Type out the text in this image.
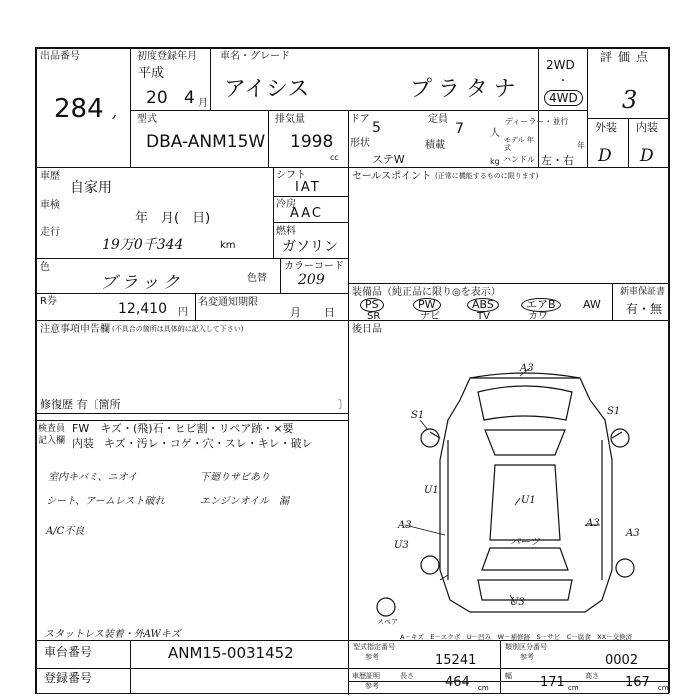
出品番号
284 ,
初度登録年月
平成
20 4 月
車名・グレード
アイシス	プラタナ
2WD
・
4WD
評価点
3
外装 内装
D D
型式
DBA-ANM15W
排気量
1998
cc
ドア
5
定員
7	人
ディーラー・並行
形状
ステW
積載
kg
モデル 年式	年
ハンドル 左・右
車歴
自家用
シフト
IAT
車検
年　月(　日)
冷房
AAC
走行
19万0千344	km
燃料
ガソリン
色
ブラック	色替
カラーコード
209
R券	12,410 円
名変通知期限
月　日
セールスポイント (正常に機能するものに限ります)
装備品（純正品に限り◎を表示）
PS	PW	ABS	エアB	AW
SR	ナビ	TV	カワ
新車保証書
有・無
後日品
注意事項申告欄 (不具合の箇所は具体的に記入して下さい)
修復歴 有〔箇所	〕
検査員
記入欄
FW　キズ・(飛)石・ヒビ割・リペア跡・×要
内装 キズ・汚レ・コゲ・穴・スレ・キレ・破レ
室内キバミ、ニオイ
シート、アームレスト破れ
A/C不良
下廻りサビあり
エンジンオイル　漏
スタットレス装着・外AWキズ
A3
S1
U1
U1
U3
U3
A3
A3
A3
S1
パーツ
スペア
A－キズ　E－エクボ　U－凹み　W－補修跡　S－サビ　C－腐食　XX－交換済
車台番号	ANM15-0031452
登録番号
型式指定番号
参考	15241
類別区分番号
参考	0002
車歴証明
参考
長さ 464 cm
幅 171 cm
高さ 167 cm
